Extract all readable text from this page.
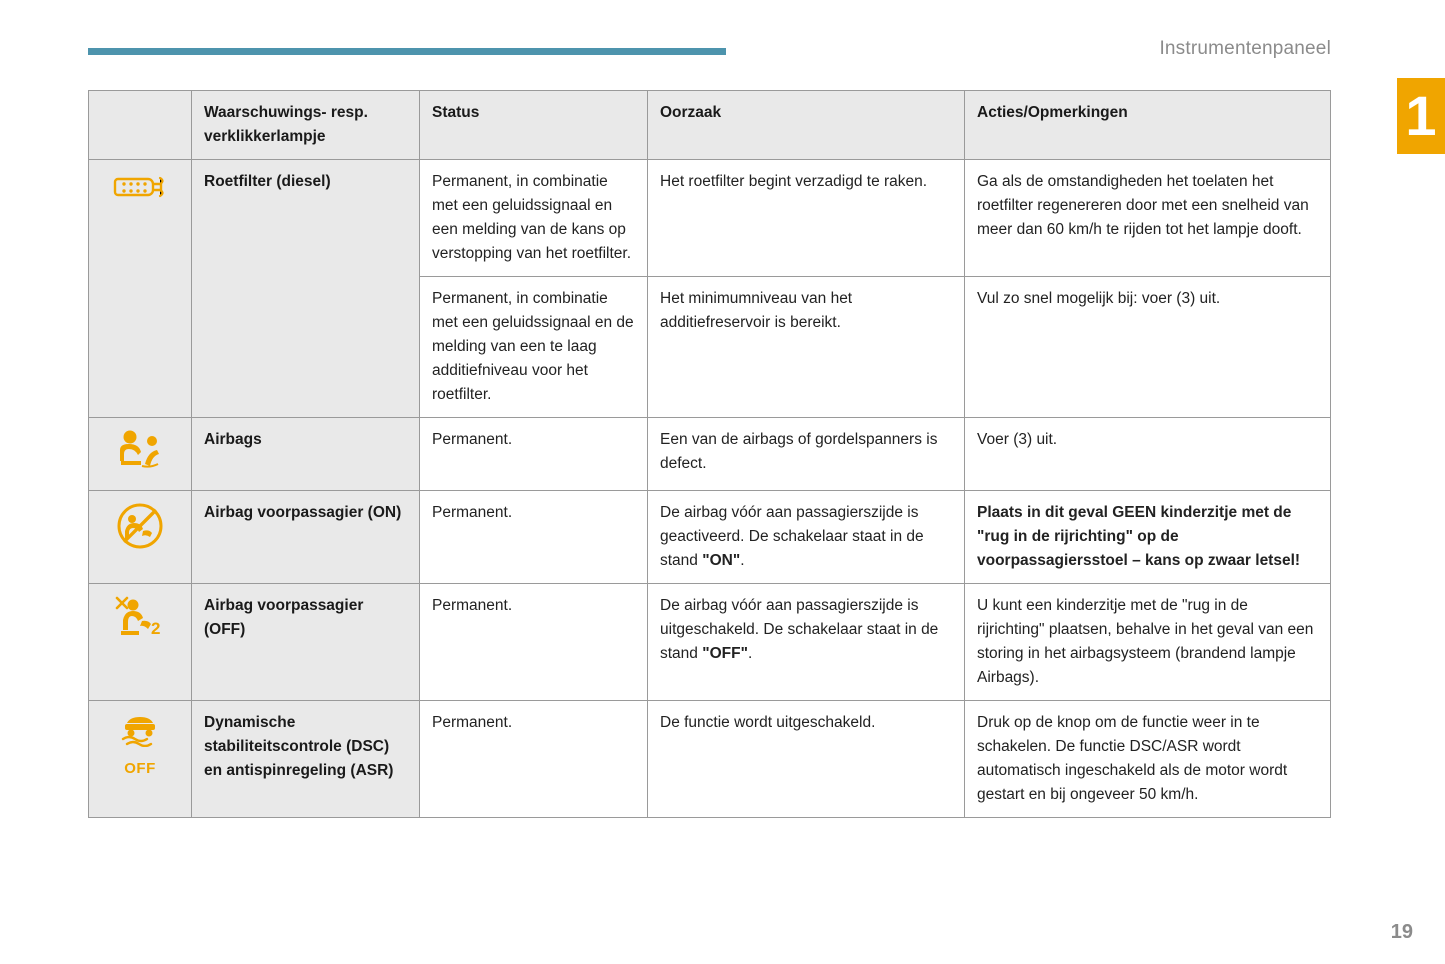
Instrumentenpaneel
1
	Waarschuwings- resp. verklikkerlampje	Status	Oorzaak	Acties/Opmerkingen

	Roetfilter (diesel)	Permanent, in combinatie met een geluidssignaal en een melding van de kans op verstopping van het roetfilter.	Het roetfilter begint verzadigd te raken.	Ga als de omstandigheden het toelaten het roetfilter regenereren door met een snelheid van meer dan 60 km/h te rijden tot het lampje dooft.
		Permanent, in combinatie met een geluidssignaal en de melding van een te laag additiefniveau voor het roetfilter.	Het minimumniveau van het additiefreservoir is bereikt.	Vul zo snel mogelijk bij: voer (3) uit.

	Airbags	Permanent.	Een van de airbags of gordelspanners is defect.	Voer (3) uit.

	Airbag voorpassagier (ON)	Permanent.	De airbag vóór aan passagierszijde is geactiveerd. De schakelaar staat in de stand "ON".	Plaats in dit geval GEEN kinderzitje met de "rug in de rijrichting" op de voorpassagiersstoel – kans op zwaar letsel!

2	Airbag voorpassagier (OFF)	Permanent.	De airbag vóór aan passagierszijde is uitgeschakeld. De schakelaar staat in de stand "OFF".	U kunt een kinderzitje met de "rug in de rijrichting" plaatsen, behalve in het geval van een storing in het airbagsysteem (brandend lampje Airbags).

OFF	Dynamische stabiliteitscontrole (DSC) en antispinregeling (ASR)	Permanent.	De functie wordt uitgeschakeld.	Druk op de knop om de functie weer in te schakelen. De functie DSC/ASR wordt automatisch ingeschakeld als de motor wordt gestart en bij ongeveer 50 km/h.
19
